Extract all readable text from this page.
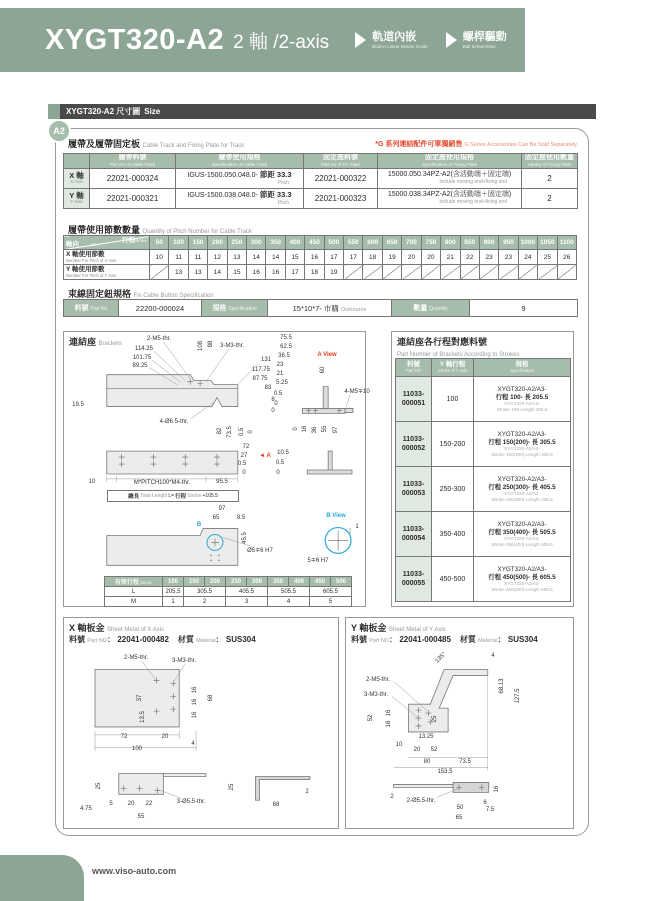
XYGT320-A2 2 軸 /2-axis	軌道內嵌
Built-in Linear Motion Guide
螺桿驅動
Ball Screw Drive
XYGT320-A2 尺寸圖 Size
A2
履帶及履帶固定板 Cable Track and Fixing Plate for Track	*G 系列連結配件可單獨銷售 G Series Accessories Can Be Sold Separately.

	履帶料號
Part No of Cable Track	履帶使用規格
Specification of Cable Track	固定座料號
Part No of Fix Plate	固定座使用規格
Specification of Fixing Plate	固定座使用數量
Uantity of Fixing Plate

X 軸
X Axis	22021-000324	IGUS-1500.050.048.0- 節距 33.3
Pitch	22021-000322	15000.050.34PZ-A2(含活動端＋固定端)
Include moving end+fixing end	2

Y 軸
Y Axis	22021-000321	IGUS-1500.038.048.0- 節距 33.3
Pitch	22021-000323	15000.038.34PZ-A2(含活動端＋固定端)
Include moving end+fixing end	2
履帶使用節數數量 Quantity of Pitch Number for Cable Track
行程
Stroke
軸向 Axis	50	100	150	200	250	300	350	400	450	500	550	600	650	700	750	800	850	900	950	1000	1050	1100

X 軸使用節數
Number For Pitch of X Axis	10	11	11	12	13	14	14	15	16	17	17	18	19	20	20	21	22	23	23	24	25	26

Y 軸使用節數
Number For Pitch of Y Axis		13	13	14	15	16	16	17	18	19												
束線固定鈕規格 Fix Cable Button Specification
料號 Part No	22200-000024	規格 Specification	15*10*7- 市購 Outsource	數量 Quantity	9
連結座 Brackets
2-M5-thr.
114.25
101.75
89.25
108 88 3-M3-thr.
131
117.75
87.75
83
8
0
19.5
4-Ø6.5-thr.
82 73.5 0.5 0
75.5
62.5
36.5
23
21
5.25
0.5
0
A View
60
4-M5∓10
0 16 36 55 97
72
27
0.5
0
◄ A 10.5
0.5
0
10	M*PITCH100*M4-thr.	95.5
97
65	8.5
B
45.5
Ø5∓6 H7
B View
1
5∓6 H7
總長 Total Length L= 行程 Stroke +105.5
有效行程 Stroke	100	150	200	250	300	350	400	450	500
L	205.5	305.5		405.5		505.5		605.5	
M	1	2		3		4		5	
連結座各行程對應料號
Part Number of Brackets According to Strokes
料號
Part NO	Y 軸行程
Stroke of Y axis	規格
Specification

11033-
000051
	100	
XYGT320-A2/A3-
行程 100- 長 205.5
XYGT320-A2/A3-
Stroke 100-Length 205.5

11033-
000052
	150-200	
XYGT320-A2/A3-
行程 150(200)- 長 305.5
XYGT320-A2/A3-
Stroke 150(200)-Length 305.5

11033-
000053
	250-300	
XYGT320-A2/A3-
行程 250(300)- 長 405.5
XYGT320-A2/A3-
Stroke 250(300)-Length 405.5

11033-
000054
	350-400	
XYGT320-A2/A3-
行程 350(400)- 長 505.5
XYGT320-A2/A3-
Stroke 350(400)-Length 505.5

11033-
000055
	450-500	
XYGT320-A2/A3-
行程 450(500)- 長 605.5
XYGT320-A2/A3-
Stroke 450(500)-Length 605.5
X 軸板金 Sheet Metal of X Axis
料號 Part NO： 22041-000482 材質 Material： SUS304
2-M5-thr.	3-M3-thr.
37
13.5
16
16
16
68
72	20
4
100
25
4.75
5 20 22
55
3-Ø5.5-thr.
25
68
2
Y 軸板金 Sheet Metal of Y Axis
料號 Part NO： 22041-000485 材質 Material： SUS304
135°	4
2-M5-thr.
3-M3-thr.
68.13
127.5
52
16
16
25
13.25
10
20 52
80	73.5
153.5
2
2-Ø5.5-thr.
16
6
7.5
50
65
www.viso-auto.com
